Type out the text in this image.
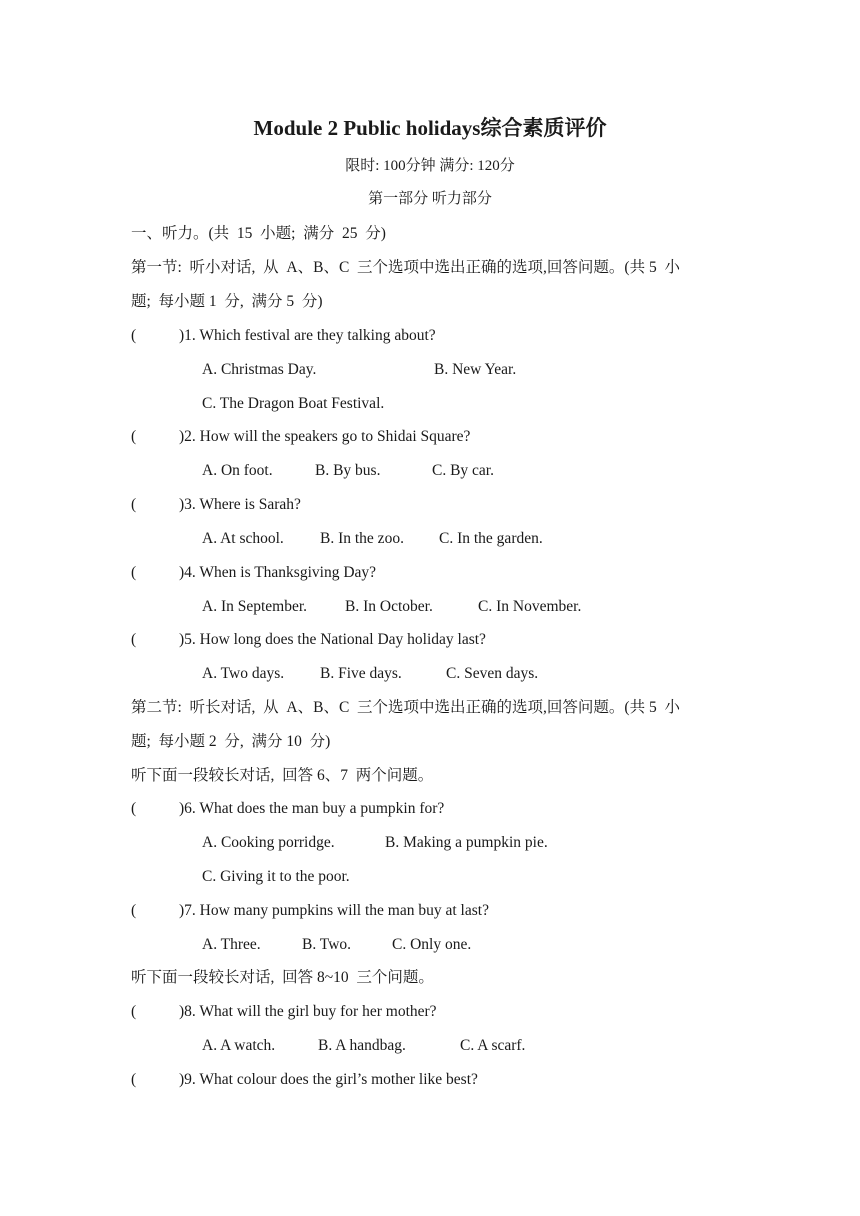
Module 2 Public holidays综合素质评价
限时: 100分钟 满分: 120分
第一部分 听力部分
一、听力。(共  15  小题;  满分  25  分)
第一节:  听小对话,  从  A、B、C  三个选项中选出正确的选项,回答问题。(共 5  小
题;  每小题 1  分,  满分 5  分)

(

	)1. Which festival are they talking about?

A. Christmas Day.	B. New Year.
C. The Dragon Boat Festival.

(

	)2. How will the speakers go to Shidai Square?

A. On foot.	B. By bus.	C. By car.

(

	)3. Where is Sarah?

A. At school. B. In the zoo. C. In the garden.

(

	)4. When is Thanksgiving Day?

A. In September. B. In October.	C. In November.

(

	)5. How long does the National Day holiday last?

A. Two days. B. Five days.	C. Seven days.
第二节:  听长对话,  从  A、B、C  三个选项中选出正确的选项,回答问题。(共 5  小
题;  每小题 2  分,  满分 10  分)
听下面一段较长对话,  回答 6、7  两个问题。

(

	)6. What does the man buy a pumpkin for?

A. Cooking porridge.	B. Making a pumpkin pie.
C. Giving it to the poor.

(

	)7. How many pumpkins will the man buy at last?

A. Three.	B. Two.	C. Only one.
听下面一段较长对话,  回答 8~10  三个问题。

(

	)8. What will the girl buy for her mother?

A. A watch.	B. A handbag.	C. A scarf.

(

	)9. What colour does the girl’s mother like best?
